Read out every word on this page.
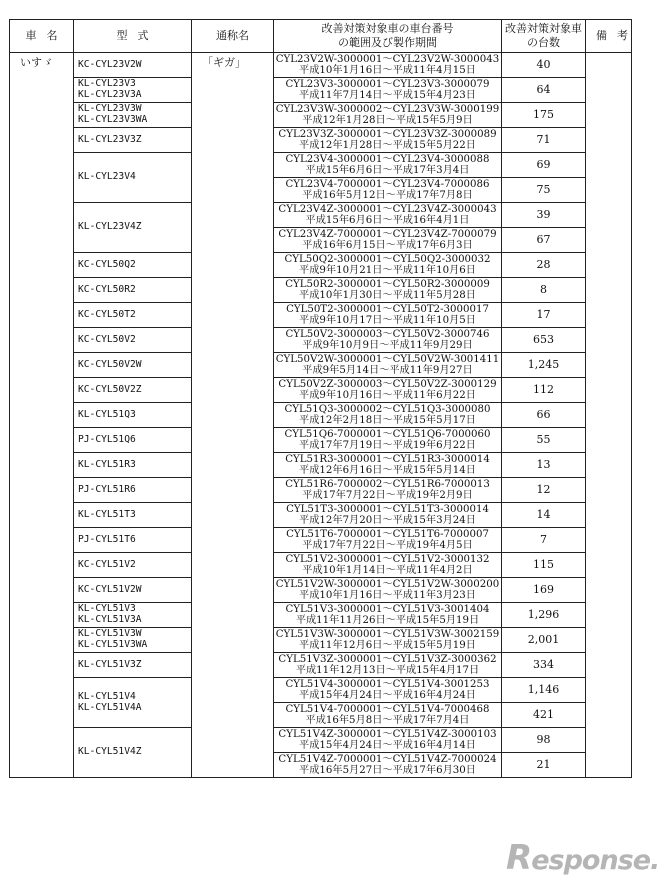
車名	型式	通称名	改善対策対象車の車台番号
の範囲及び製作期間	改善対策対象車
の台数	備考
いすゞ	KC-CYL23V2W	「ギガ」	CYL23V2W-3000001～CYL23V2W-3000043
平成10年1月16日～平成11年4月15日	40	
	KL-CYL23V3
KL-CYL23V3A		CYL23V3-3000001～CYL23V3-3000079
平成11年7月14日～平成15年4月23日	64	
	KL-CYL23V3W
KL-CYL23V3WA		CYL23V3W-3000002～CYL23V3W-3000199
平成12年1月28日～平成15年5月9日	175	
	KL-CYL23V3Z		CYL23V3Z-3000001～CYL23V3Z-3000089
平成12年1月28日～平成15年5月22日	71	
	KL-CYL23V4		CYL23V4-3000001～CYL23V4-3000088
平成15年6月6日～平成17年3月4日	69	
			CYL23V4-7000001～CYL23V4-7000086
平成16年5月12日～平成17年7月8日	75	
	KL-CYL23V4Z		CYL23V4Z-3000001～CYL23V4Z-3000043
平成15年6月6日～平成16年4月1日	39	
			CYL23V4Z-7000001～CYL23V4Z-7000079
平成16年6月15日～平成17年6月3日	67	
	KC-CYL50Q2		CYL50Q2-3000001～CYL50Q2-3000032
平成9年10月21日～平成11年10月6日	28	
	KC-CYL50R2		CYL50R2-3000001～CYL50R2-3000009
平成10年1月30日～平成11年5月28日	8	
	KC-CYL50T2		CYL50T2-3000001～CYL50T2-3000017
平成9年10月17日～平成11年10月5日	17	
	KC-CYL50V2		CYL50V2-3000003～CYL50V2-3000746
平成9年10月9日～平成11年9月29日	653	
	KC-CYL50V2W		CYL50V2W-3000001～CYL50V2W-3001411
平成9年5月14日～平成11年9月27日	1,245	
	KC-CYL50V2Z		CYL50V2Z-3000003～CYL50V2Z-3000129
平成9年10月16日～平成11年6月22日	112	
	KL-CYL51Q3		CYL51Q3-3000002～CYL51Q3-3000080
平成12年2月18日～平成15年5月17日	66	
	PJ-CYL51Q6		CYL51Q6-7000001～CYL51Q6-7000060
平成17年7月19日～平成19年6月22日	55	
	KL-CYL51R3		CYL51R3-3000001～CYL51R3-3000014
平成12年6月16日～平成15年5月14日	13	
	PJ-CYL51R6		CYL51R6-7000002～CYL51R6-7000013
平成17年7月22日～平成19年2月9日	12	
	KL-CYL51T3		CYL51T3-3000001～CYL51T3-3000014
平成12年7月20日～平成15年3月24日	14	
	PJ-CYL51T6		CYL51T6-7000001～CYL51T6-7000007
平成17年7月22日～平成19年4月5日	7	
	KC-CYL51V2		CYL51V2-3000001～CYL51V2-3000132
平成10年1月14日～平成11年4月2日	115	
	KC-CYL51V2W		CYL51V2W-3000001～CYL51V2W-3000200
平成10年1月16日～平成11年3月23日	169	
	KL-CYL51V3
KL-CYL51V3A		CYL51V3-3000001～CYL51V3-3001404
平成11年11月26日～平成15年5月19日	1,296	
	KL-CYL51V3W
KL-CYL51V3WA		CYL51V3W-3000001～CYL51V3W-3002159
平成11年12月6日～平成15年5月19日	2,001	
	KL-CYL51V3Z		CYL51V3Z-3000001～CYL51V3Z-3000362
平成11年12月13日～平成15年4月17日	334	
	KL-CYL51V4
KL-CYL51V4A		CYL51V4-3000001～CYL51V4-3001253
平成15年4月24日～平成16年4月24日	1,146	
			CYL51V4-7000001～CYL51V4-7000468
平成16年5月8日～平成17年7月4日	421	
	KL-CYL51V4Z		CYL51V4Z-3000001～CYL51V4Z-3000103
平成15年4月24日～平成16年4月14日	98	
			CYL51V4Z-7000001～CYL51V4Z-7000024
平成16年5月27日～平成17年6月30日	21	
Response.
